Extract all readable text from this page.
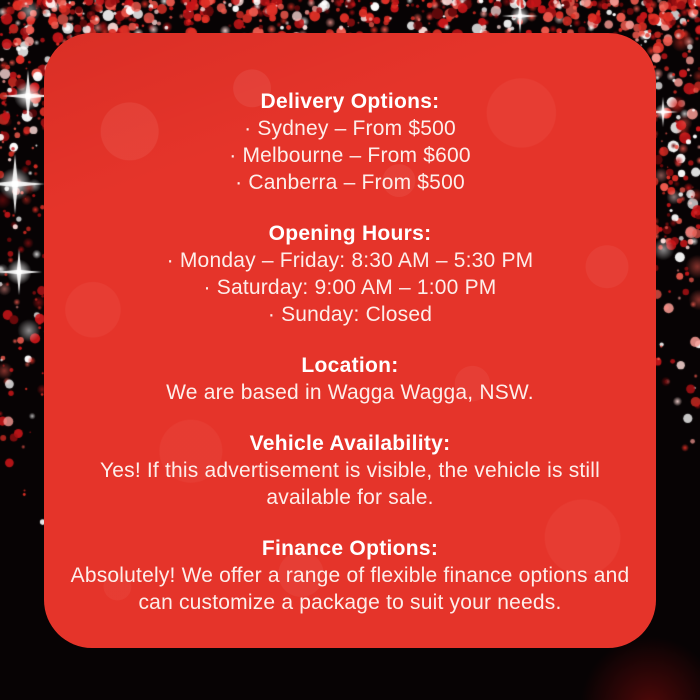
Delivery Options:

· Sydney – From $500

· Melbourne – From $600

· Canberra – From $500

Opening Hours:

· Monday – Friday: 8:30 AM – 5:30 PM

· Saturday: 9:00 AM – 1:00 PM

· Sunday: Closed

Location:

We are based in Wagga Wagga, NSW.

Vehicle Availability:

Yes! If this advertisement is visible, the vehicle is still available for sale.

Finance Options:

Absolutely! We offer a range of flexible finance options and can customize a package to suit your needs.
